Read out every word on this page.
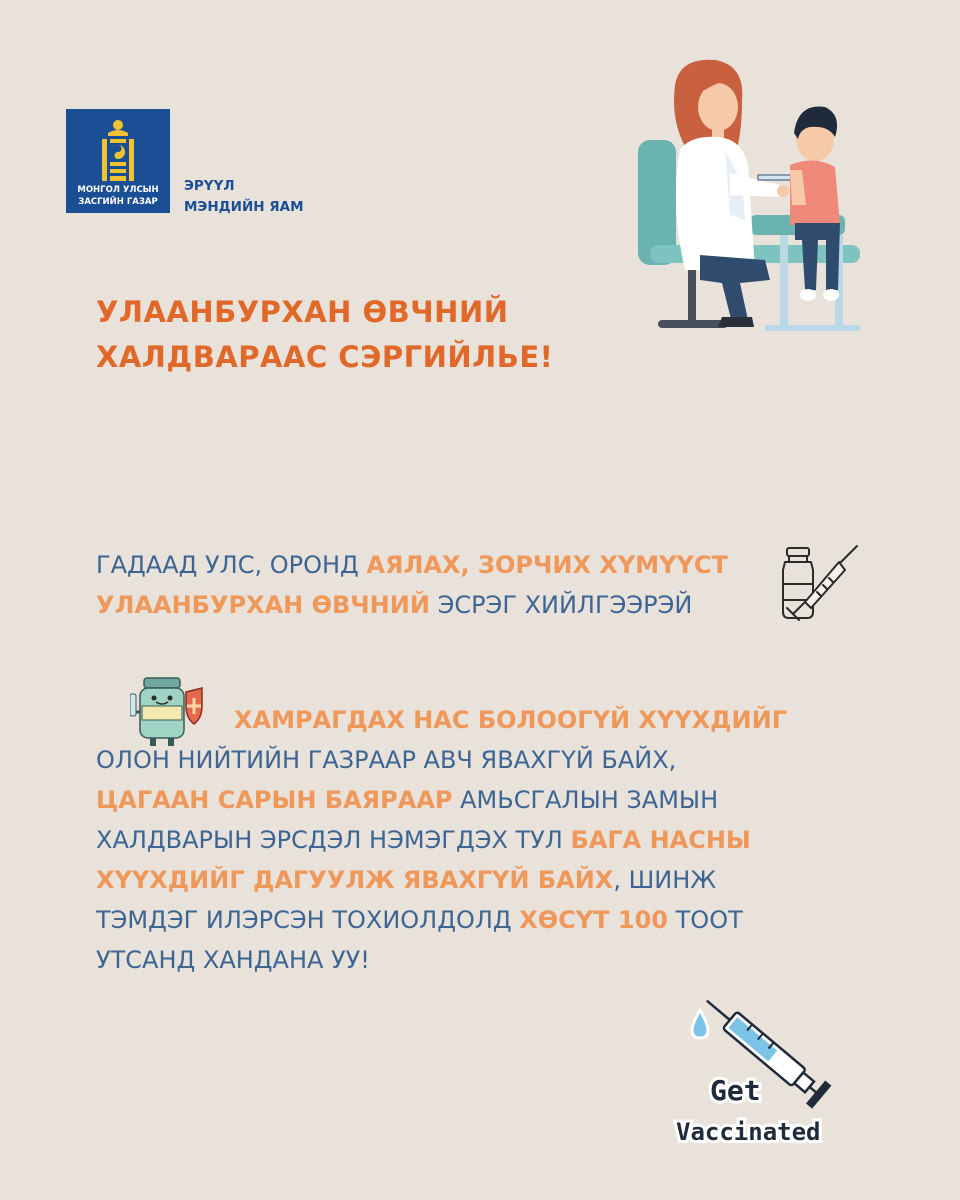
МОНГОЛ УЛСЫН
ЗАСГИЙН ГАЗАР
ЭРҮҮЛ
МЭНДИЙН ЯАМ
УЛААНБУРХАН ӨВЧНИЙ
ХАЛДВАРААС СЭРГИЙЛЬЕ!
ГАДААД УЛС, ОРОНД АЯЛАХ, ЗОРЧИХ ХҮМҮҮСТ УЛААНБУРХАН ӨВЧНИЙ ЭСРЭГ ХИЙЛГЭЭРЭЙ
ХАМРАГДАХ НАС БОЛООГҮЙ ХҮҮХДИЙГ ОЛОН НИЙТИЙН ГАЗРААР АВЧ ЯВАХГҮЙ БАЙХ, ЦАГААН САРЫН БАЯРААР АМЬСГАЛЫН ЗАМЫН ХАЛДВАРЫН ЭРСДЭЛ НЭМЭГДЭХ ТУЛ БАГА НАСНЫ ХҮҮХДИЙГ ДАГУУЛЖ ЯВАХГҮЙ БАЙХ, ШИНЖ ТЭМДЭГ ИЛЭРСЭН ТОХИОЛДОЛД ХӨСҮТ 100 ТООТ УТСАНД ХАНДАНА УУ!
Get
Vaccinated
